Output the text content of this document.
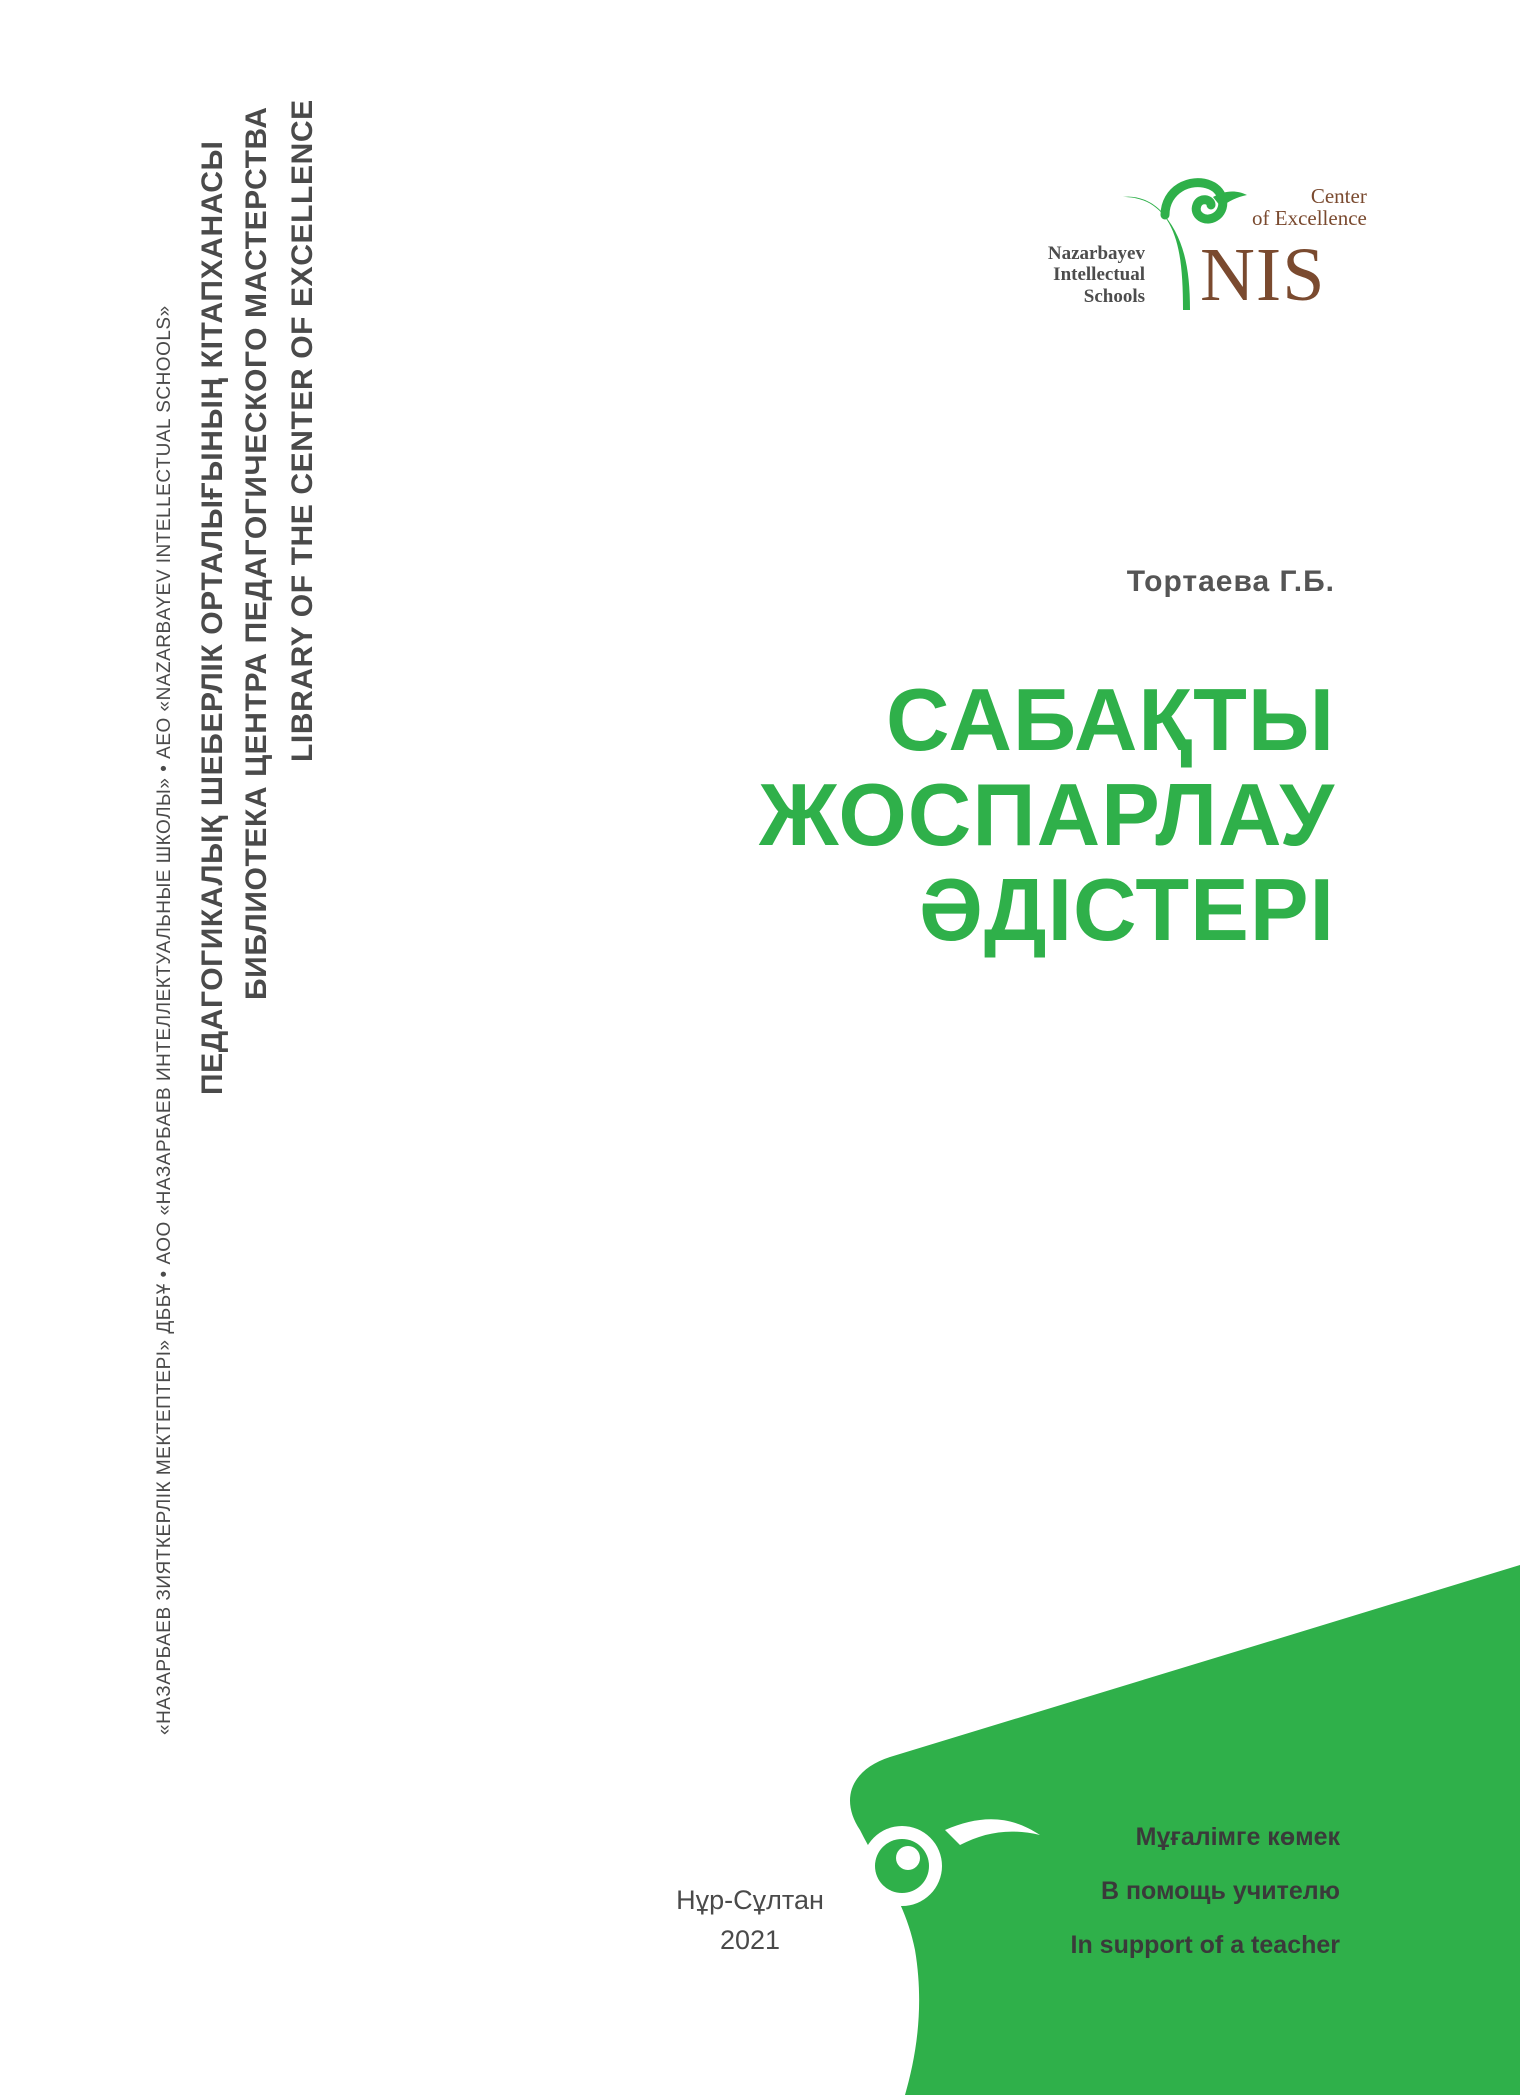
«НАЗАРБАЕВ ЗИЯТКЕРЛІК МЕКТЕПТЕРІ» ДББҰ • АОО «НАЗАРБАЕВ ИНТЕЛЛЕКТУАЛЬНЫЕ ШКОЛЫ» • AEO «NAZARBAYEV INTELLECTUAL SCHOOLS» ПЕДАГОГИКАЛЫҚ ШЕБЕРЛІК ОРТАЛЫҒЫНЫҢ КІТАПХАНАСЫ БИБЛИОТЕКА ЦЕНТРА ПЕДАГОГИЧЕСКОГО МАСТЕРСТВА LIBRARY OF THE CENTER OF EXCELLENCE	Center
of Excellence
Nazarbayev
Intellectual
Schools NIS
Тортаева Г.Б.
САБАҚТЫ
ЖОСПАРЛАУ
ӘДІСТЕРІ
Нұр-Сұлтан
2021
Мұғалімге көмек
В помощь учителю
In support of a teacher
